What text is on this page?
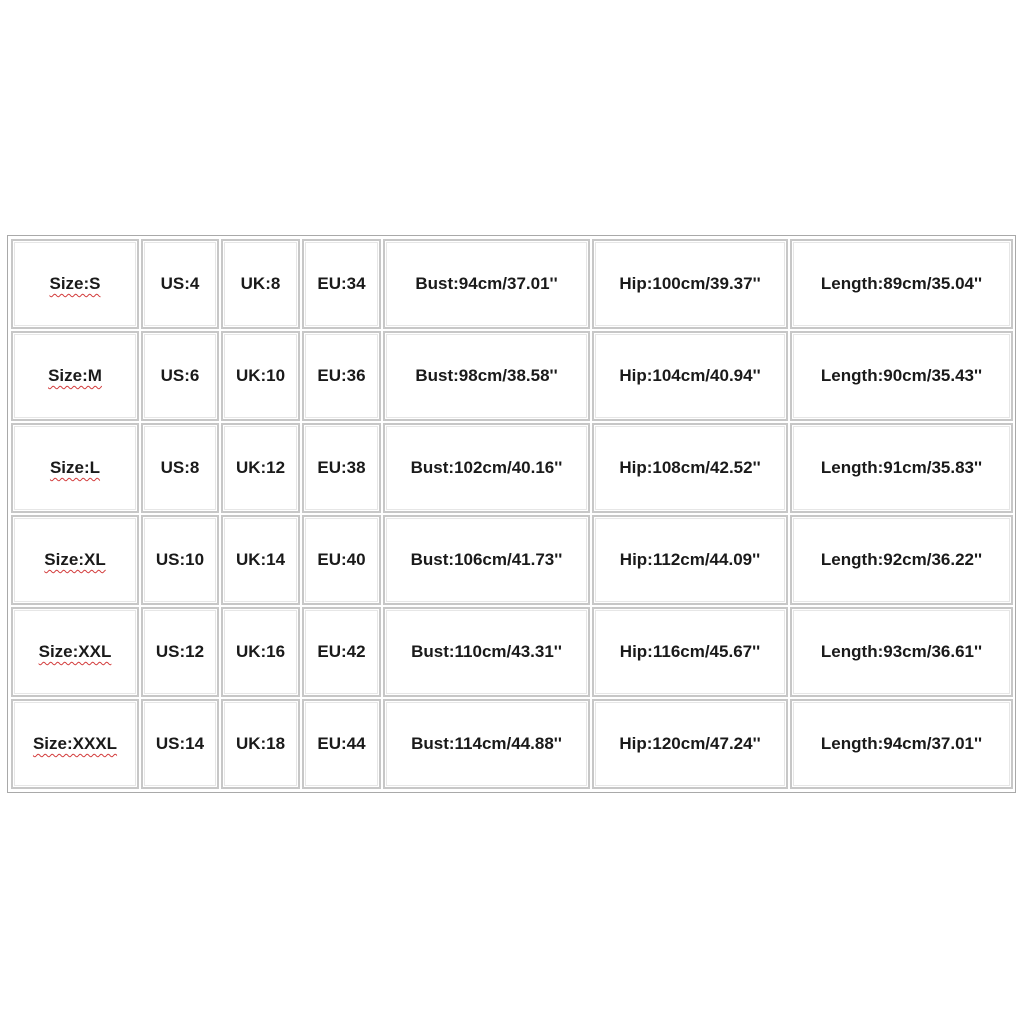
Size:S	US:4 UK:8 EU:34	Bust:94cm/37.01''	Hip:100cm/39.37''	Length:89cm/35.04''
Size:M	US:6 UK:10 EU:36	Bust:98cm/38.58''	Hip:104cm/40.94''	Length:90cm/35.43''
Size:L	US:8 UK:12 EU:38	Bust:102cm/40.16''	Hip:108cm/42.52''	Length:91cm/35.83''
Size:XL	US:10 UK:14 EU:40	Bust:106cm/41.73''	Hip:112cm/44.09''	Length:92cm/36.22''
Size:XXL	US:12 UK:16 EU:42	Bust:110cm/43.31''	Hip:116cm/45.67''	Length:93cm/36.61''
Size:XXXL US:14 UK:18 EU:44	Bust:114cm/44.88''	Hip:120cm/47.24''	Length:94cm/37.01''
